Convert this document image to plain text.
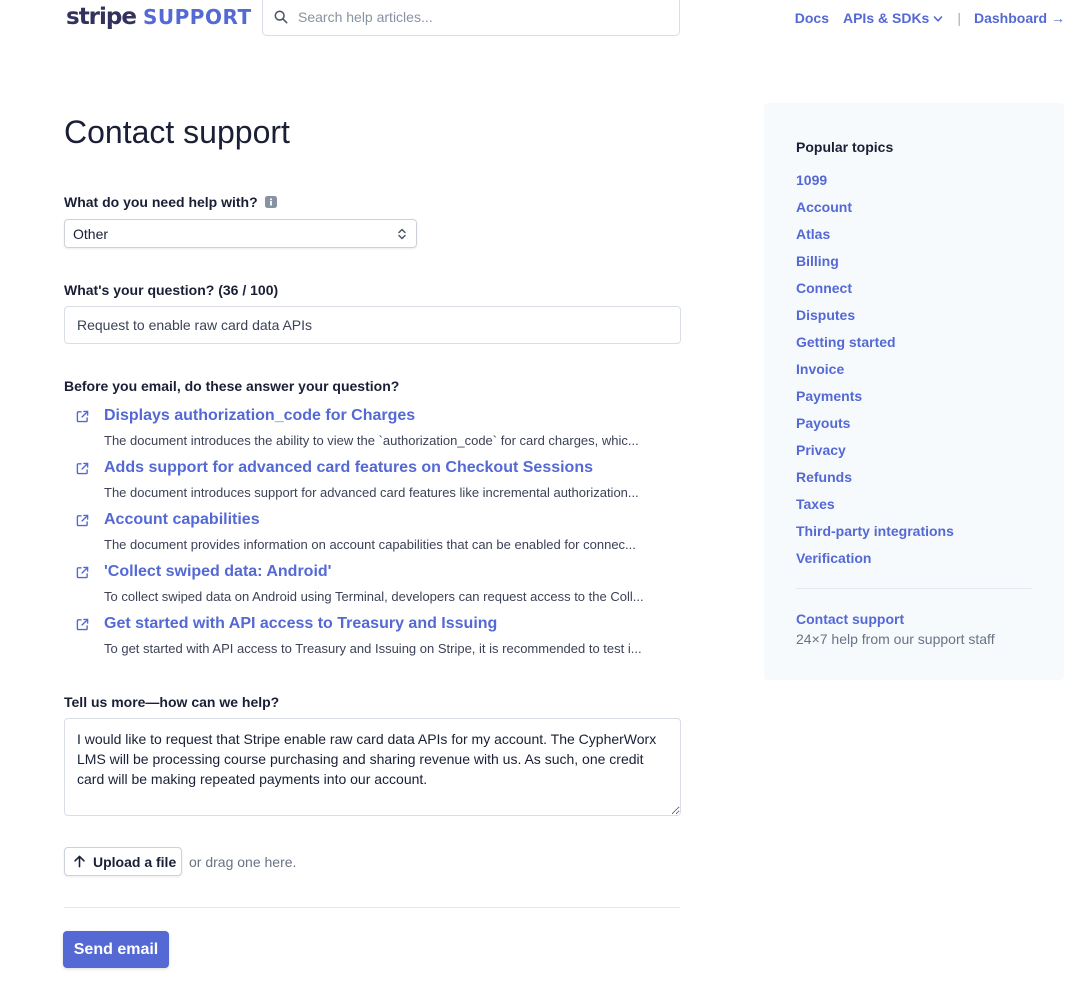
stripe SUPPORT
Search help articles...	Docs APIs & SDKs	| Dashboard →
Contact support
What do you need help with?
Other
What's your question? (36 / 100)
Request to enable raw card data APIs
Before you email, do these answer your question?
Displays authorization_code for Charges
The document introduces the ability to view the `authorization_code` for card charges, whic...
Adds support for advanced card features on Checkout Sessions
The document introduces support for advanced card features like incremental authorization...
Account capabilities
The document provides information on account capabilities that can be enabled for connec...
'Collect swiped data: Android'
To collect swiped data on Android using Terminal, developers can request access to the Coll...
Get started with API access to Treasury and Issuing
To get started with API access to Treasury and Issuing on Stripe, it is recommended to test i...
Tell us more—how can we help?
I would like to request that Stripe enable raw card data APIs for my account. The CypherWorx LMS will be processing course purchasing and sharing revenue with us. As such, one credit card will be making repeated payments into our account.
Upload a file or drag one here.
Send email
Popular topics
1099
Account
Atlas
Billing
Connect
Disputes
Getting started
Invoice
Payments
Payouts
Privacy
Refunds
Taxes
Third-party integrations
Verification
Contact support
24×7 help from our support staff
